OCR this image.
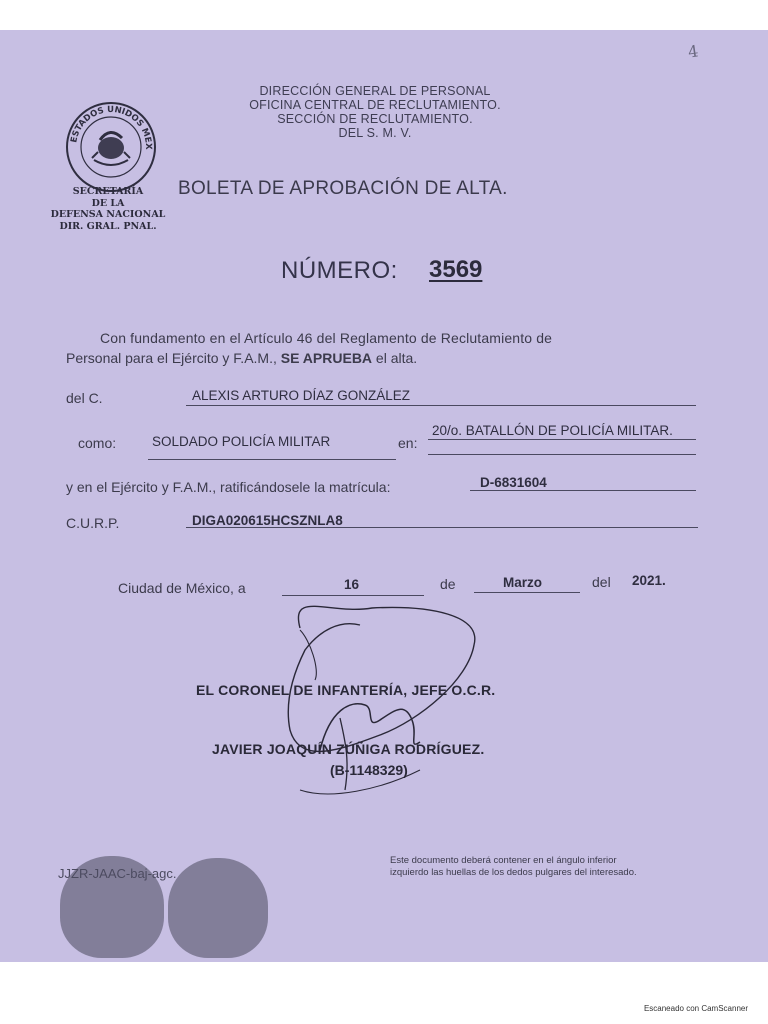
ESTADOS UNIDOS MEX
SECRETARÍA
DE LA
DEFENSA NACIONAL
DIR. GRAL. PNAL.
DIRECCIÓN GENERAL DE PERSONAL
OFICINA CENTRAL DE RECLUTAMIENTO.
SECCIÓN DE RECLUTAMIENTO.
DEL S. M. V.
4
BOLETA DE APROBACIÓN DE ALTA.
NÚMERO: 3569
Con fundamento en el Artículo 46 del Reglamento de Reclutamiento de
Personal para el Ejército y F.A.M., SE APRUEBA el alta.
del C.	ALEXIS ARTURO DÍAZ GONZÁLEZ
como:	SOLDADO POLICÍA MILITAR	en:
20/o. BATALLÓN DE POLICÍA MILITAR.
y en el Ejército y F.A.M., ratificándosele la matrícula:	D-6831604
C.U.R.P.	DIGA020615HCSZNLA8
Ciudad de México, a	16	de	Marzo	del 2021.
EL CORONEL DE INFANTERÍA, JEFE O.C.R.
JAVIER JOAQUÍN ZÚÑIGA RODRÍGUEZ.
(B-1148329)
JJZR-JAAC-baj-agc.
Este documento deberá contener en el ángulo inferior
izquierdo las huellas de los dedos pulgares del interesado.
Escaneado con CamScanner
